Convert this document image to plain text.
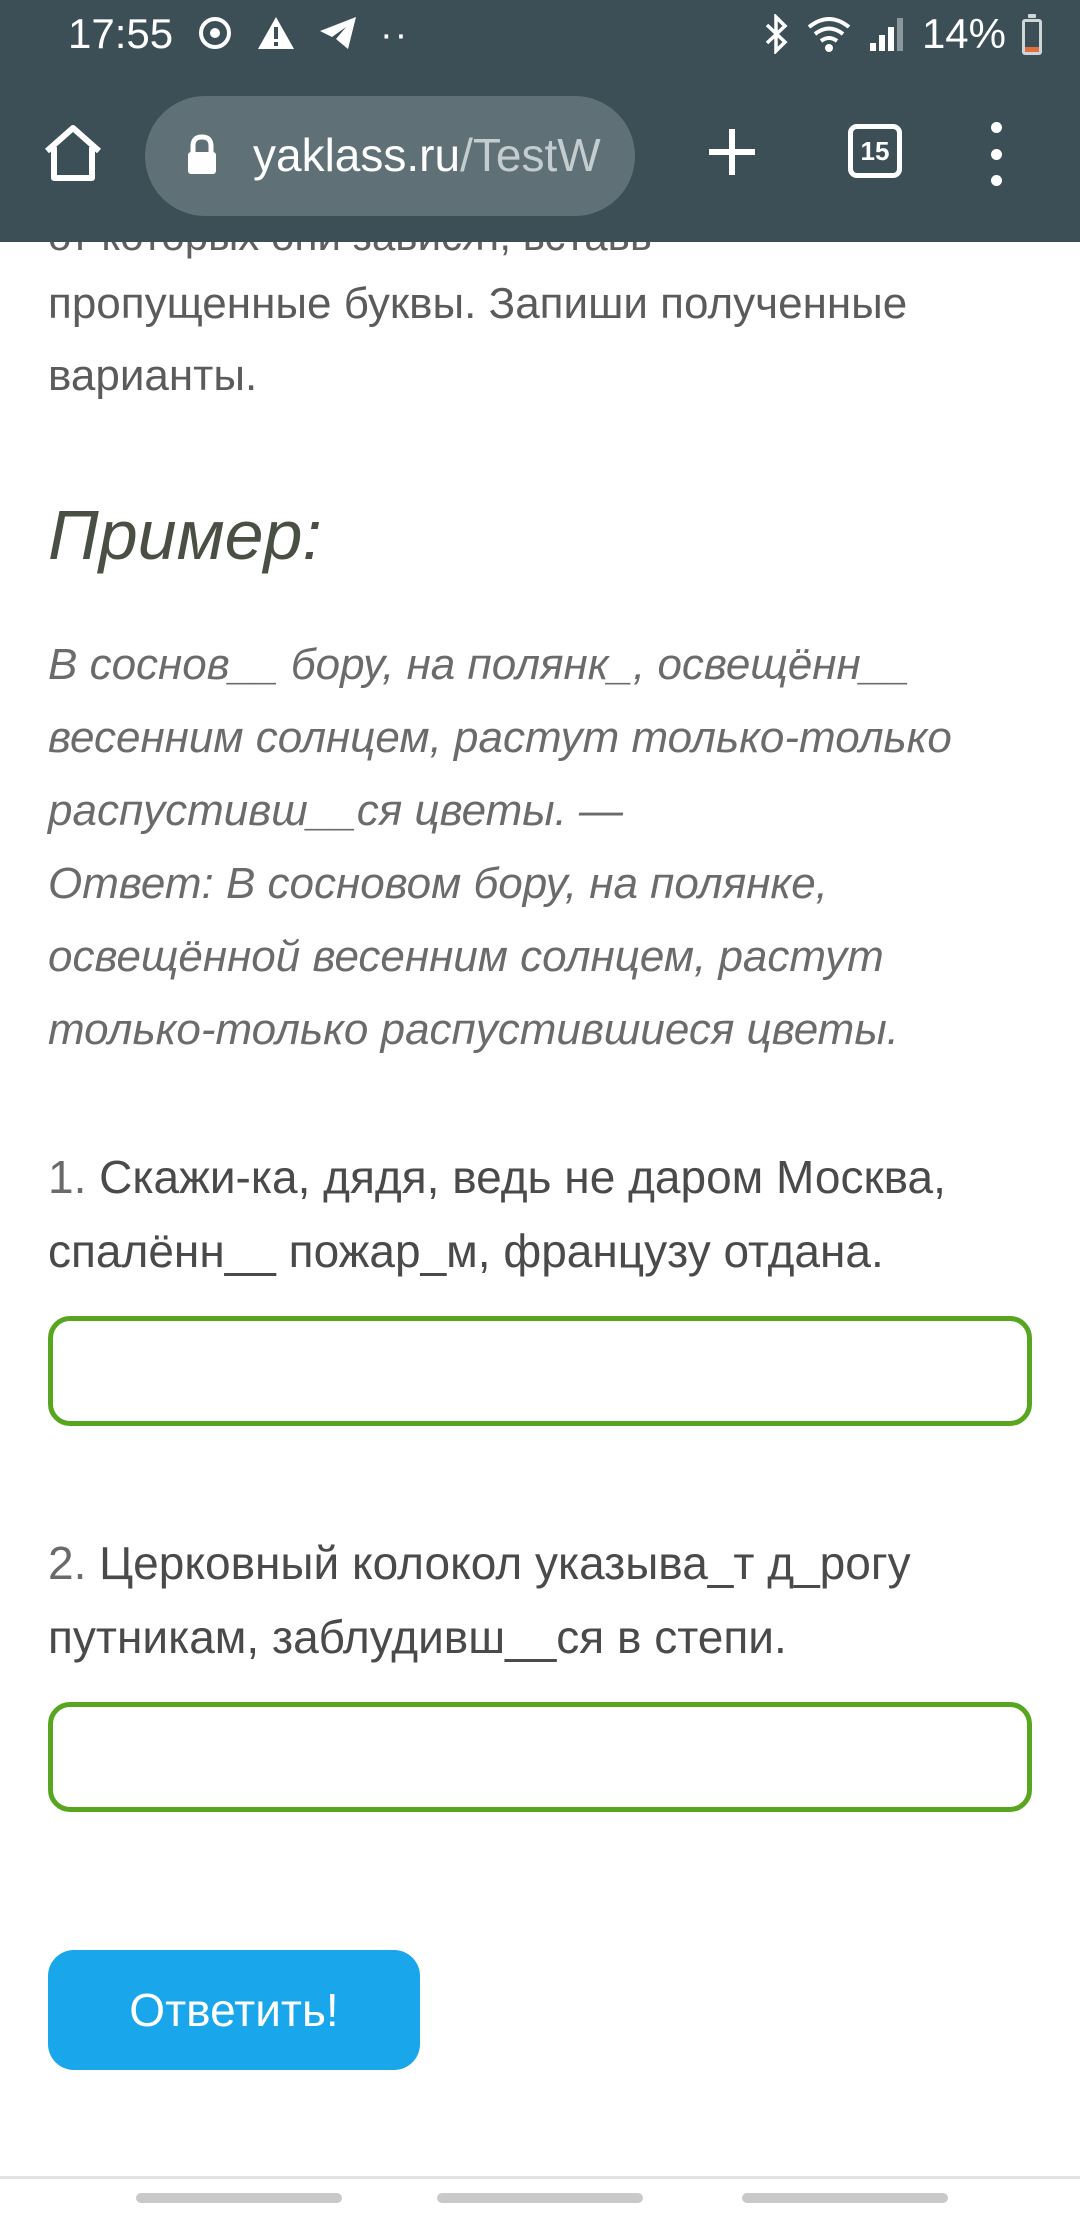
пропущенные буквы. Запиши полученные варианты.

Пример:
В соснов__ бору, на полянк_, освещённ__ весенним солнцем, растут только-только распустивш__ся цветы. —
Ответ: В сосновом бору, на полянке, освещённой весенним солнцем, растут только-только распустившиеся цветы.
1. Скажи-ка, дядя, ведь не даром Москва, спалённ__ пожар_м, французу отдана.
2. Церковный колокол указыва_т д_рогу путникам, заблудивш__ся в степи.
Ответить!
17:55	··	14%
yaklass.ru/TestW	15
